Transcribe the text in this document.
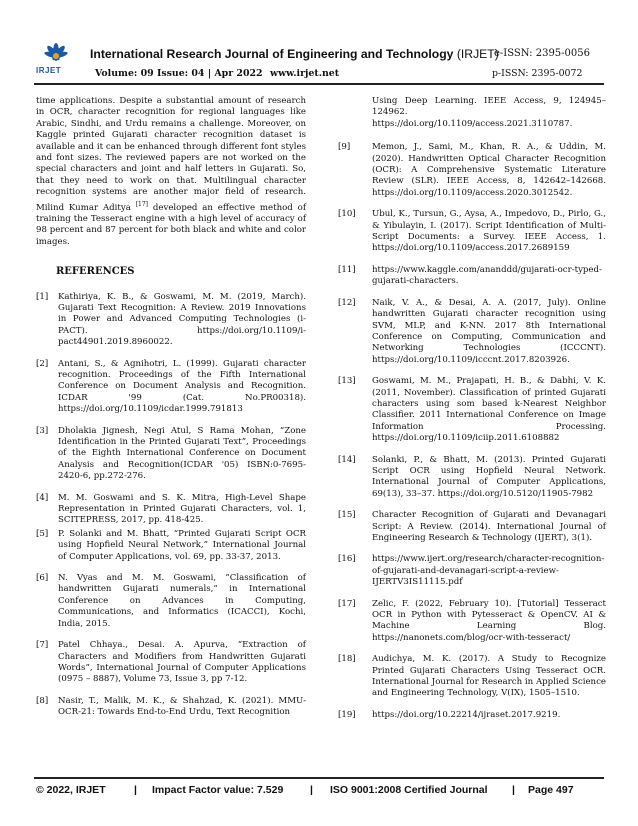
IRJET
International Research Journal of Engineering and Technology (IRJET)
e-ISSN: 2395-0056
Volume: 09 Issue: 04 | Apr 2022 www.irjet.net	p-ISSN: 2395-0072

time applications. Despite a substantial amount of research in OCR, character recognition for regional languages like Arabic, Sindhi, and Urdu remains a challenge. Moreover, on Kaggle printed Gujarati character recognition dataset is available and it can be enhanced through different font styles and font sizes. The reviewed papers are not worked on the special characters and joint and half letters in Gujarati. So, that they need to work on that. Multilingual character recognition systems are another major field of research. Milind Kumar Aditya [17] developed an effective method of training the Tesseract engine with a high level of accuracy of 98 percent and 87 percent for both black and white and color images.

REFERENCES
[1] Kathiriya, K. B., & Goswami, M. M. (2019, March). Gujarati Text Recognition: A Review. 2019 Innovations in Power and Advanced Computing Technologies (i-PACT). https://doi.org/10.1109/i-pact44901.2019.8960022.
[2] Antani, S., & Agnihotri, L. (1999). Gujarati character recognition. Proceedings of the Fifth International Conference on Document Analysis and Recognition. ICDAR '99 (Cat. No.PR00318). https://doi.org/10.1109/icdar.1999.791813
[3] Dholakia Jignesh, Negi Atul, S Rama Mohan, “Zone Identification in the Printed Gujarati Text”, Proceedings of the Eighth International Conference on Document Analysis and Recognition(ICDAR '05) ISBN:0-7695-2420-6, pp.272-276.
[4] M. M. Goswami and S. K. Mitra, High-Level Shape Representation in Printed Gujarati Characters, vol. 1, SCITEPRESS, 2017, pp. 418-425.
[5] P. Solanki and M. Bhatt, “Printed Gujarati Script OCR using Hopfield Neural Network,” International Journal of Computer Applications, vol. 69, pp. 33-37, 2013.
[6] N. Vyas and M. M. Goswami, ”Classification of handwritten Gujarati numerals,” in International Conference on Advances in Computing, Communications, and Informatics (ICACCI), Kochi, India, 2015.
[7] Patel Chhaya., Desai. A. Apurva, “Extraction of Characters and Modifiers from Handwritten Gujarati Words”, International Journal of Computer Applications (0975 – 8887), Volume 73, Issue 3, pp 7-12.
[8] Nasir, T., Malik, M. K., & Shahzad, K. (2021). MMU-OCR-21: Towards End-to-End Urdu, Text Recognition
Using Deep Learning. IEEE Access, 9, 124945–124962. https://doi.org/10.1109/access.2021.3110787.
[9]	Memon, J., Sami, M., Khan, R. A., & Uddin, M. (2020). Handwritten Optical Character Recognition (OCR): A Comprehensive Systematic Literature Review (SLR). IEEE Access, 8, 142642–142668. https://doi.org/10.1109/access.2020.3012542.
[10] Ubul, K., Tursun, G., Aysa, A., Impedovo, D., Pirlo, G., & Yibulayin, I. (2017). Script Identification of Multi-Script Documents: a Survey. IEEE Access, 1. https://doi.org/10.1109/access.2017.2689159
[11] https://www.kaggle.com/ananddd/gujarati-ocr-typed-gujarati-characters.
[12] Naik, V. A., & Desai, A. A. (2017, July). Online handwritten Gujarati character recognition using SVM, MLP, and K-NN. 2017 8th International Conference on Computing, Communication and Networking Technologies (ICCCNT). https://doi.org/10.1109/icccnt.2017.8203926.
[13] Goswami, M. M., Prajapati, H. B., & Dabhi, V. K. (2011, November). Classification of printed Gujarati characters using som based k-Nearest Neighbor Classifier. 2011 International Conference on Image Information Processing. https://doi.org/10.1109/iciip.2011.6108882
[14] Solanki, P., & Bhatt, M. (2013). Printed Gujarati Script OCR using Hopfield Neural Network. International Journal of Computer Applications, 69(13), 33–37. https://doi.org/10.5120/11905-7982
[15] Character Recognition of Gujarati and Devanagari Script: A Review. (2014). International Journal of Engineering Research & Technology (IJERT), 3(1).
[16] https://www.ijert.org/research/character-recognition-of-gujarati-and-devanagari-script-a-review-IJERTV3IS11115.pdf
[17] Zelic, F. (2022, February 10). [Tutorial] Tesseract OCR in Python with Pytesseract & OpenCV. AI & Machine Learning Blog. https://nanonets.com/blog/ocr-with-tesseract/
[18] Audichya, M. K. (2017). A Study to Recognize Printed Gujarati Characters Using Tesseract OCR. International Journal for Research in Applied Science and Engineering Technology, V(IX), 1505–1510.
[19] https://doi.org/10.22214/ijraset.2017.9219.
© 2022, IRJET	| Impact Factor value: 7.529	| ISO 9001:2008 Certified Journal | Page 497
